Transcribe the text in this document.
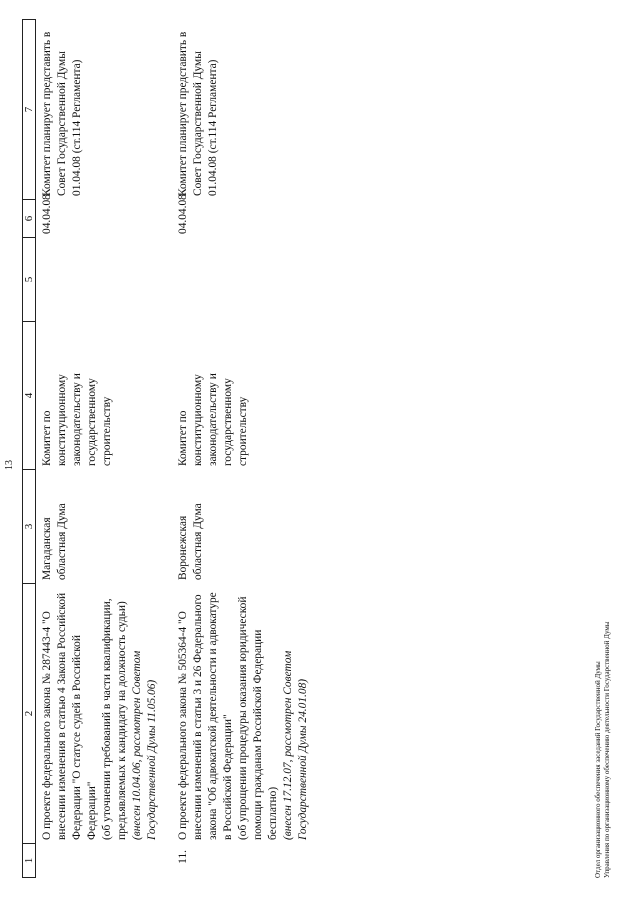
13
1	2	3	4	5	6	7

	О проекте федерального закона № 287443-4 "О внесении изменения в статью 4 Закона Российской Федерации "О статусе судей в Российской Федерации" (об уточнении требований в части квалификации, предъявляемых к кандидату на должность судьи) (внесен 10.04.06, рассмотрен Советом Государственной Думы 11.05.06)	Магаданская областная Дума	Комитет по конституционному законодательству и государственному строительству		04.04.08	Комитет планирует представить в Совет Государственной Думы 01.04.08 (ст.114 Регламента)
11.	О проекте федерального закона № 505364-4 "О внесении изменений в статьи 3 и 26 Федерального закона "Об адвокатской деятельности и адвокатуре в Российской Федерации" (об упрощении процедуры оказания юридической помощи гражданам Российской Федерации бесплатно) (внесен 17.12.07, рассмотрен Советом Государственной Думы 24.01.08)	Воронежская областная Дума	Комитет по конституционному законодательству и государственному строительству		04.04.08	Комитет планирует представить в Совет Государственной Думы 01.04.08 (ст.114 Регламента)
Отдел организационного обеспечения заседаний Государственной Думы Управления по организационному обеспечению деятельности Государственной Думы
